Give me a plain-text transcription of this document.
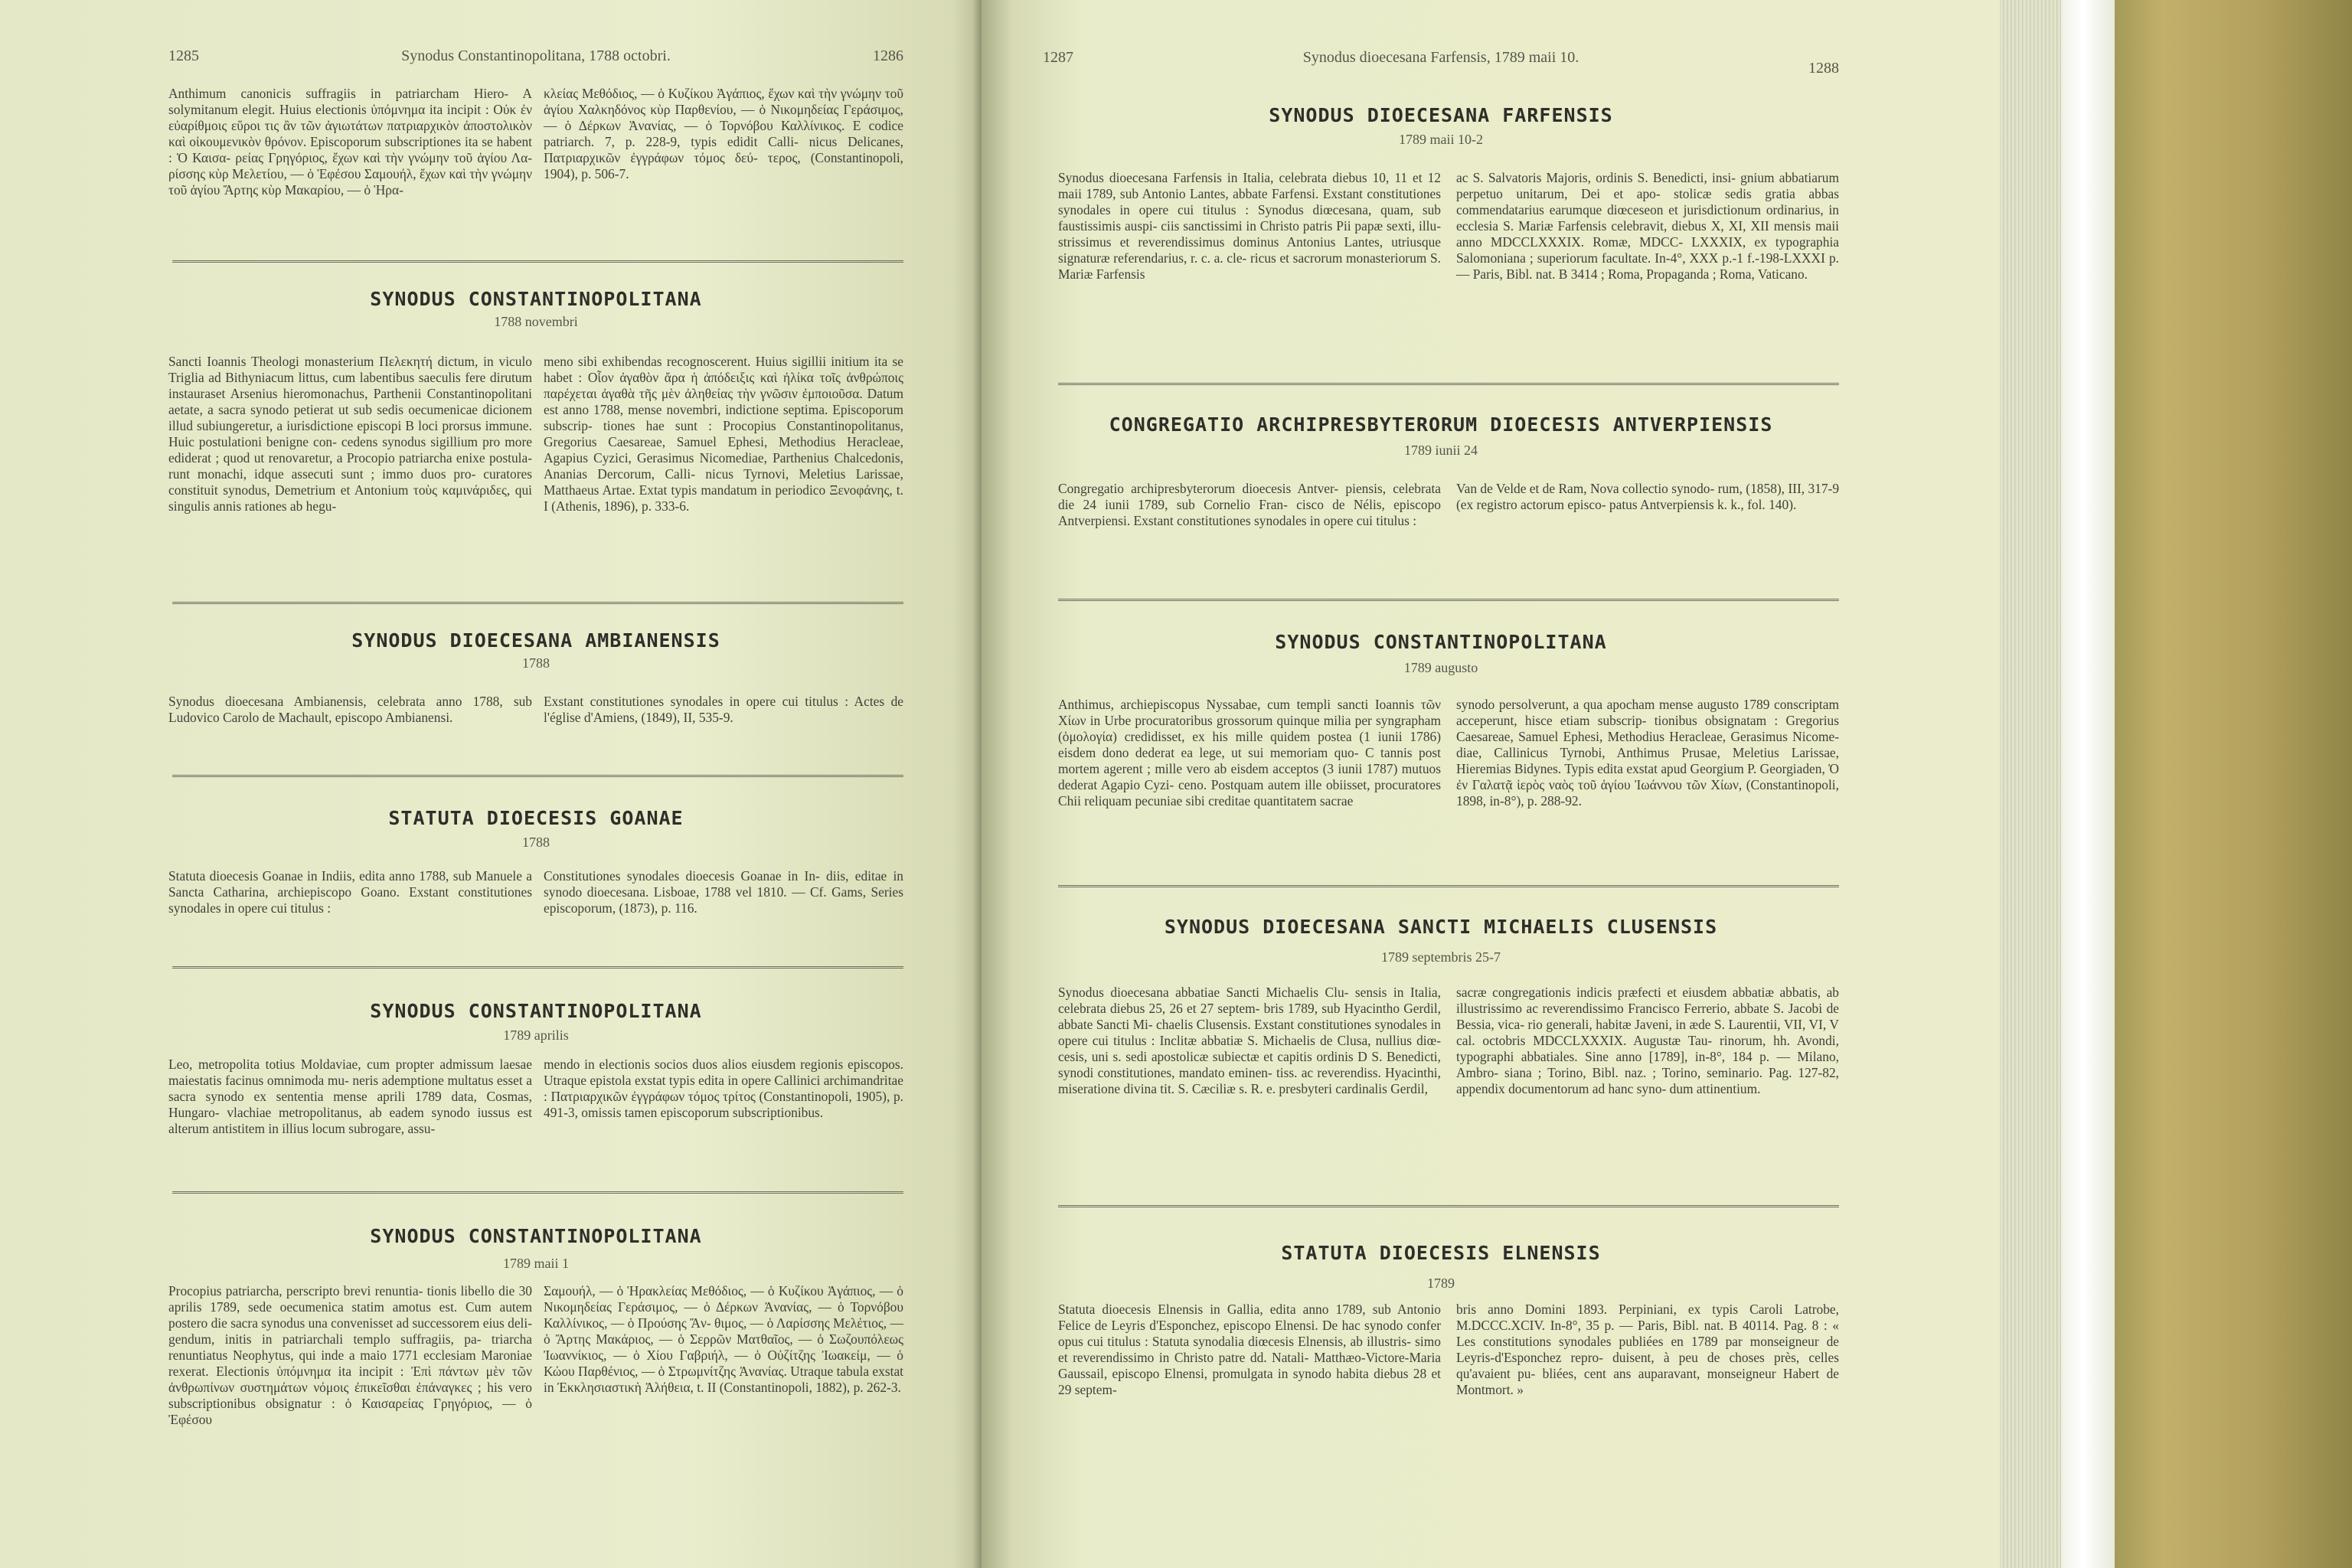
1285	Synodus Constantinopolitana, 1788 octobri.	1286
Anthimum canonicis suffragiis in patriarcham Hiero- A solymitanum elegit. Huius electionis ὑπόμνημα ita incipit : Οὐκ ἐν εὐαρίθμοις εὕροι τις ἂν τῶν ἀγιωτάτων πατριαρχικὸν ἀποστολικὸν καὶ οἰκουμενικὸν θρόνον. Episcoporum subscriptiones ita se habent : Ὁ Καισα- ρείας Γρηγόριος, ἔχων καὶ τὴν γνώμην τοῦ ἁγίου Λα- ρίσσης κὺρ Μελετίου, — ὁ Ἐφέσου Σαμουήλ, ἔχων καὶ τὴν γνώμην τοῦ ἁγίου Ἄρτης κὺρ Μακαρίου, — ὁ Ἡρα-
κλείας Μεθόδιος, — ὁ Κυζίκου Ἀγάπιος, ἔχων καὶ τὴν γνώμην τοῦ ἁγίου Χαλκηδόνος κὺρ Παρθενίου, — ὁ Νικομηδείας Γεράσιμος, — ὁ Δέρκων Ἀνανίας, — ὁ Τορνόβου Καλλίνικος. E codice patriarch. 7, p. 228-9, typis edidit Calli- nicus Delicanes, Πατριαρχικῶν ἐγγράφων τόμος δεύ- τερος, (Constantinopoli, 1904), p. 506-7.
SYNODUS CONSTANTINOPOLITANA
1788 novembri
Sancti Ioannis Theologi monasterium Πελεκητή dictum, in viculo Triglia ad Bithyniacum littus, cum labentibus saeculis fere dirutum instauraset Arsenius hieromonachus, Parthenii Constantinopolitani aetate, a sacra synodo petierat ut sub sedis oecumenicae dicionem illud subiungeretur, a iurisdictione episcopi B loci prorsus immune. Huic postulationi benigne con- cedens synodus sigillium pro more ediderat ; quod ut renovaretur, a Procopio patriarcha enixe postula- runt monachi, idque assecuti sunt ; immo duos pro- curatores constituit synodus, Demetrium et Antonium τοὺς καμινάριδες, qui singulis annis rationes ab hegu-
meno sibi exhibendas recognoscerent. Huius sigillii initium ita se habet : Οἷον ἀγαθὸν ἄρα ἡ ἀπόδειξις καὶ ἠλίκα τοῖς ἀνθρώποις παρέχεται ἀγαθὰ τῆς μὲν ἀληθείας τὴν γνῶσιν ἐμποιοῦσα. Datum est anno 1788, mense novembri, indictione septima. Episcoporum subscrip- tiones hae sunt : Procopius Constantinopolitanus, Gregorius Caesareae, Samuel Ephesi, Methodius Heracleae, Agapius Cyzici, Gerasimus Nicomediae, Parthenius Chalcedonis, Ananias Dercorum, Calli- nicus Tyrnovi, Meletius Larissae, Matthaeus Artae. Extat typis mandatum in periodico Ξενοφάνης, t. I (Athenis, 1896), p. 333-6.
SYNODUS DIOECESANA AMBIANENSIS
1788
Synodus dioecesana Ambianensis, celebrata anno 1788, sub Ludovico Carolo de Machault, episcopo Ambianensi.
Exstant constitutiones synodales in opere cui titulus : Actes de l'église d'Amiens, (1849), II, 535-9.
STATUTA DIOECESIS GOANAE
1788
Statuta dioecesis Goanae in Indiis, edita anno 1788, sub Manuele a Sancta Catharina, archiepiscopo Goano. Exstant constitutiones synodales in opere cui titulus :
Constitutiones synodales dioecesis Goanae in In- diis, editae in synodo dioecesana. Lisboae, 1788 vel 1810. — Cf. Gams, Series episcoporum, (1873), p. 116.
SYNODUS CONSTANTINOPOLITANA
1789 aprilis
Leo, metropolita totius Moldaviae, cum propter admissum laesae maiestatis facinus omnimoda mu- neris ademptione multatus esset a sacra synodo ex sententia mense aprili 1789 data, Cosmas, Hungaro- vlachiae metropolitanus, ab eadem synodo iussus est alterum antistitem in illius locum subrogare, assu-
mendo in electionis socios duos alios eiusdem regionis episcopos. Utraque epistola exstat typis edita in opere Callinici archimandritae : Πατριαρχικῶν ἐγγράφων τόμος τρίτος (Constantinopoli, 1905), p. 491-3, omissis tamen episcoporum subscriptionibus.
SYNODUS CONSTANTINOPOLITANA
1789 maii 1
Procopius patriarcha, perscripto brevi renuntia- tionis libello die 30 aprilis 1789, sede oecumenica statim amotus est. Cum autem postero die sacra synodus una convenisset ad successorem eius deli- gendum, initis in patriarchali templo suffragiis, pa- triarcha renuntiatus Neophytus, qui inde a maio 1771 ecclesiam Maroniae rexerat. Electionis ὑπόμνημα ita incipit : Ἐπὶ πάντων μὲν τῶν ἀνθρωπίνων συστημάτων νόμοις ἐπικεῖσθαι ἐπάναγκες ; his vero subscriptionibus obsignatur : ὁ Καισαρείας Γρηγόριος, — ὁ Ἐφέσου
Σαμουήλ, — ὁ Ἡρακλείας Μεθόδιος, — ὁ Κυζίκου Ἀγάπιος, — ὁ Νικομηδείας Γεράσιμος, — ὁ Δέρκων Ἀνανίας, — ὁ Τορνόβου Καλλίνικος, — ὁ Προύσης Ἄν- θιμος, — ὁ Λαρίσσης Μελέτιος, — ὁ Ἄρτης Μακάριος, — ὁ Σερρῶν Ματθαῖος, — ὁ Σωζουπόλεως Ἰωαννίκιος, — ὁ Χίου Γαβριήλ, — ὁ Οὐζίτζης Ἰωακείμ, — ὁ Κώου Παρθένιος, — ὁ Στρωμνίτζης Ἀνανίας. Utraque tabula exstat in Ἐκκλησιαστικὴ Ἀλήθεια, t. II (Constantinopoli, 1882), p. 262-3.
1287	Synodus dioecesana Farfensis, 1789 maii 10.
1288
SYNODUS DIOECESANA FARFENSIS
1789 maii 10-2
Synodus dioecesana Farfensis in Italia, celebrata diebus 10, 11 et 12 maii 1789, sub Antonio Lantes, abbate Farfensi. Exstant constitutiones synodales in opere cui titulus : Synodus diœcesana, quam, sub faustissimis auspi- ciis sanctissimi in Christo patris Pii papæ sexti, illu- strissimus et reverendissimus dominus Antonius Lantes, utriusque signaturæ referendarius, r. c. a. cle- ricus et sacrorum monasteriorum S. Mariæ Farfensis
ac S. Salvatoris Majoris, ordinis S. Benedicti, insi- gnium abbatiarum perpetuo unitarum, Dei et apo- stolicæ sedis gratia abbas commendatarius earumque diœceseon et jurisdictionum ordinarius, in ecclesia S. Mariæ Farfensis celebravit, diebus X, XI, XII mensis maii anno MDCCLXXXIX. Romæ, MDCC- LXXXIX, ex typographia Salomoniana ; superiorum facultate. In-4°, XXX p.-1 f.-198-LXXXI p. — Paris, Bibl. nat. B 3414 ; Roma, Propaganda ; Roma, Vaticano.
CONGREGATIO ARCHIPRESBYTERORUM DIOECESIS ANTVERPIENSIS
1789 iunii 24
Congregatio archipresbyterorum dioecesis Antver- piensis, celebrata die 24 iunii 1789, sub Cornelio Fran- cisco de Nélis, episcopo Antverpiensi. Exstant constitutiones synodales in opere cui titulus :
Van de Velde et de Ram, Nova collectio synodo- rum, (1858), III, 317-9 (ex registro actorum episco- patus Antverpiensis k. k., fol. 140).
SYNODUS CONSTANTINOPOLITANA
1789 augusto
Anthimus, archiepiscopus Nyssabae, cum templi sancti Ioannis τῶν Χίων in Urbe procuratoribus grossorum quinque milia per syngrapham (ὁμολογία) credidisset, ex his mille quidem postea (1 iunii 1786) eisdem dono dederat ea lege, ut sui memoriam quo- C tannis post mortem agerent ; mille vero ab eisdem acceptos (3 iunii 1787) mutuos dederat Agapio Cyzi- ceno. Postquam autem ille obiisset, procuratores Chii reliquam pecuniae sibi creditae quantitatem sacrae
synodo persolverunt, a qua apocham mense augusto 1789 conscriptam acceperunt, hisce etiam subscrip- tionibus obsignatam : Gregorius Caesareae, Samuel Ephesi, Methodius Heracleae, Gerasimus Nicome- diae, Callinicus Tyrnobi, Anthimus Prusae, Meletius Larissae, Hieremias Bidynes. Typis edita exstat apud Georgium P. Georgiaden, Ὁ ἐν Γαλατᾷ ἱερὸς ναὸς τοῦ ἁγίου Ἰωάννου τῶν Χίων, (Constantinopoli, 1898, in-8°), p. 288-92.
SYNODUS DIOECESANA SANCTI MICHAELIS CLUSENSIS
1789 septembris 25-7
Synodus dioecesana abbatiae Sancti Michaelis Clu- sensis in Italia, celebrata diebus 25, 26 et 27 septem- bris 1789, sub Hyacintho Gerdil, abbate Sancti Mi- chaelis Clusensis. Exstant constitutiones synodales in opere cui titulus : Inclitæ abbatiæ S. Michaelis de Clusa, nullius diœ- cesis, uni s. sedi apostolicæ subiectæ et capitis ordinis D S. Benedicti, synodi constitutiones, mandato eminen- tiss. ac reverendiss. Hyacinthi, miseratione divina tit. S. Cæciliæ s. R. e. presbyteri cardinalis Gerdil,
sacræ congregationis indicis præfecti et eiusdem abbatiæ abbatis, ab illustrissimo ac reverendissimo Francisco Ferrerio, abbate S. Jacobi de Bessia, vica- rio generali, habitæ Javeni, in æde S. Laurentii, VII, VI, V cal. octobris MDCCLXXXIX. Augustæ Tau- rinorum, hh. Avondi, typographi abbatiales. Sine anno [1789], in-8°, 184 p. — Milano, Ambro- siana ; Torino, Bibl. naz. ; Torino, seminario. Pag. 127-82, appendix documentorum ad hanc syno- dum attinentium.
STATUTA DIOECESIS ELNENSIS
1789
Statuta dioecesis Elnensis in Gallia, edita anno 1789, sub Antonio Felice de Leyris d'Esponchez, episcopo Elnensi. De hac synodo confer opus cui titulus : Statuta synodalia diœcesis Elnensis, ab illustris- simo et reverendissimo in Christo patre dd. Natali- Matthæo-Victore-Maria Gaussail, episcopo Elnensi, promulgata in synodo habita diebus 28 et 29 septem-
bris anno Domini 1893. Perpiniani, ex typis Caroli Latrobe, M.DCCC.XCIV. In-8°, 35 p. — Paris, Bibl. nat. B 40114. Pag. 8 : « Les constitutions synodales publiées en 1789 par monseigneur de Leyris-d'Esponchez repro- duisent, à peu de choses près, celles qu'avaient pu- bliées, cent ans auparavant, monseigneur Habert de Montmort. »
